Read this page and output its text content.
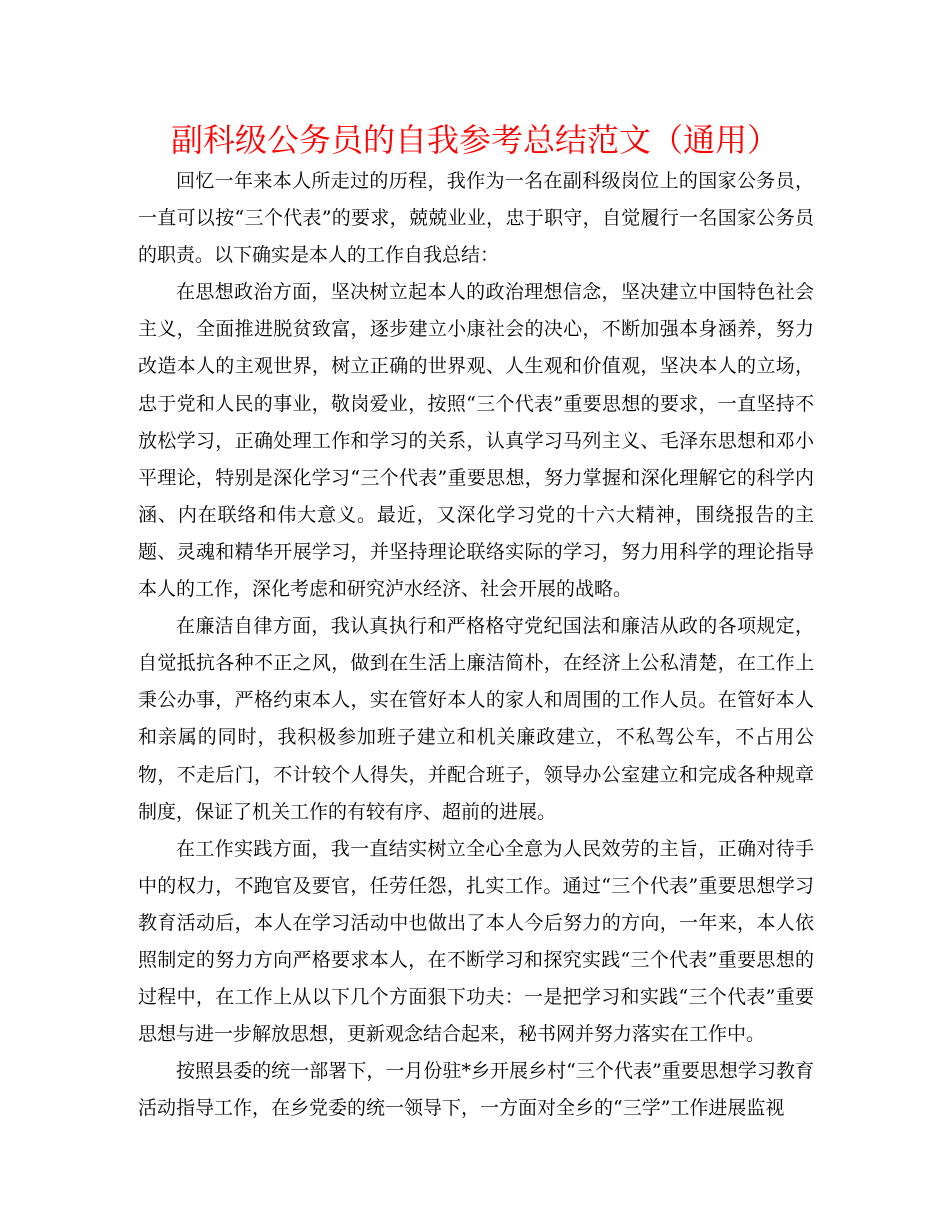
副科级公务员的自我参考总结范文（通用）

回忆一年来本人所走过的历程，我作为一名在副科级岗位上的国家公务员，一直可以按“三个代表”的要求，兢兢业业，忠于职守，自觉履行一名国家公务员的职责。以下确实是本人的工作自我总结：

在思想政治方面，坚决树立起本人的政治理想信念，坚决建立中国特色社会主义，全面推进脱贫致富，逐步建立小康社会的决心，不断加强本身涵养，努力改造本人的主观世界，树立正确的世界观、人生观和价值观，坚决本人的立场，忠于党和人民的事业，敬岗爱业，按照“三个代表”重要思想的要求，一直坚持不放松学习，正确处理工作和学习的关系，认真学习马列主义、毛泽东思想和邓小平理论，特别是深化学习“三个代表”重要思想，努力掌握和深化理解它的科学内涵、内在联络和伟大意义。最近，又深化学习党的十六大精神，围绕报告的主题、灵魂和精华开展学习，并坚持理论联络实际的学习，努力用科学的理论指导本人的工作，深化考虑和研究泸水经济、社会开展的战略。

在廉洁自律方面，我认真执行和严格格守党纪国法和廉洁从政的各项规定，自觉抵抗各种不正之风，做到在生活上廉洁简朴，在经济上公私清楚，在工作上秉公办事，严格约束本人，实在管好本人的家人和周围的工作人员。在管好本人和亲属的同时，我积极参加班子建立和机关廉政建立，不私驾公车，不占用公物，不走后门，不计较个人得失，并配合班子，领导办公室建立和完成各种规章制度，保证了机关工作的有较有序、超前的进展。

在工作实践方面，我一直结实树立全心全意为人民效劳的主旨，正确对待手中的权力，不跑官及要官，任劳任怨，扎实工作。通过“三个代表”重要思想学习教育活动后，本人在学习活动中也做出了本人今后努力的方向，一年来，本人依照制定的努力方向严格要求本人，在不断学习和探究实践“三个代表”重要思想的过程中，在工作上从以下几个方面狠下功夫：一是把学习和实践“三个代表”重要思想与进一步解放思想，更新观念结合起来，秘书网并努力落实在工作中。

按照县委的统一部署下，一月份驻*乡开展乡村“三个代表”重要思想学习教育活动指导工作，在乡党委的统一领导下，一方面对全乡的“三学”工作进展监视
